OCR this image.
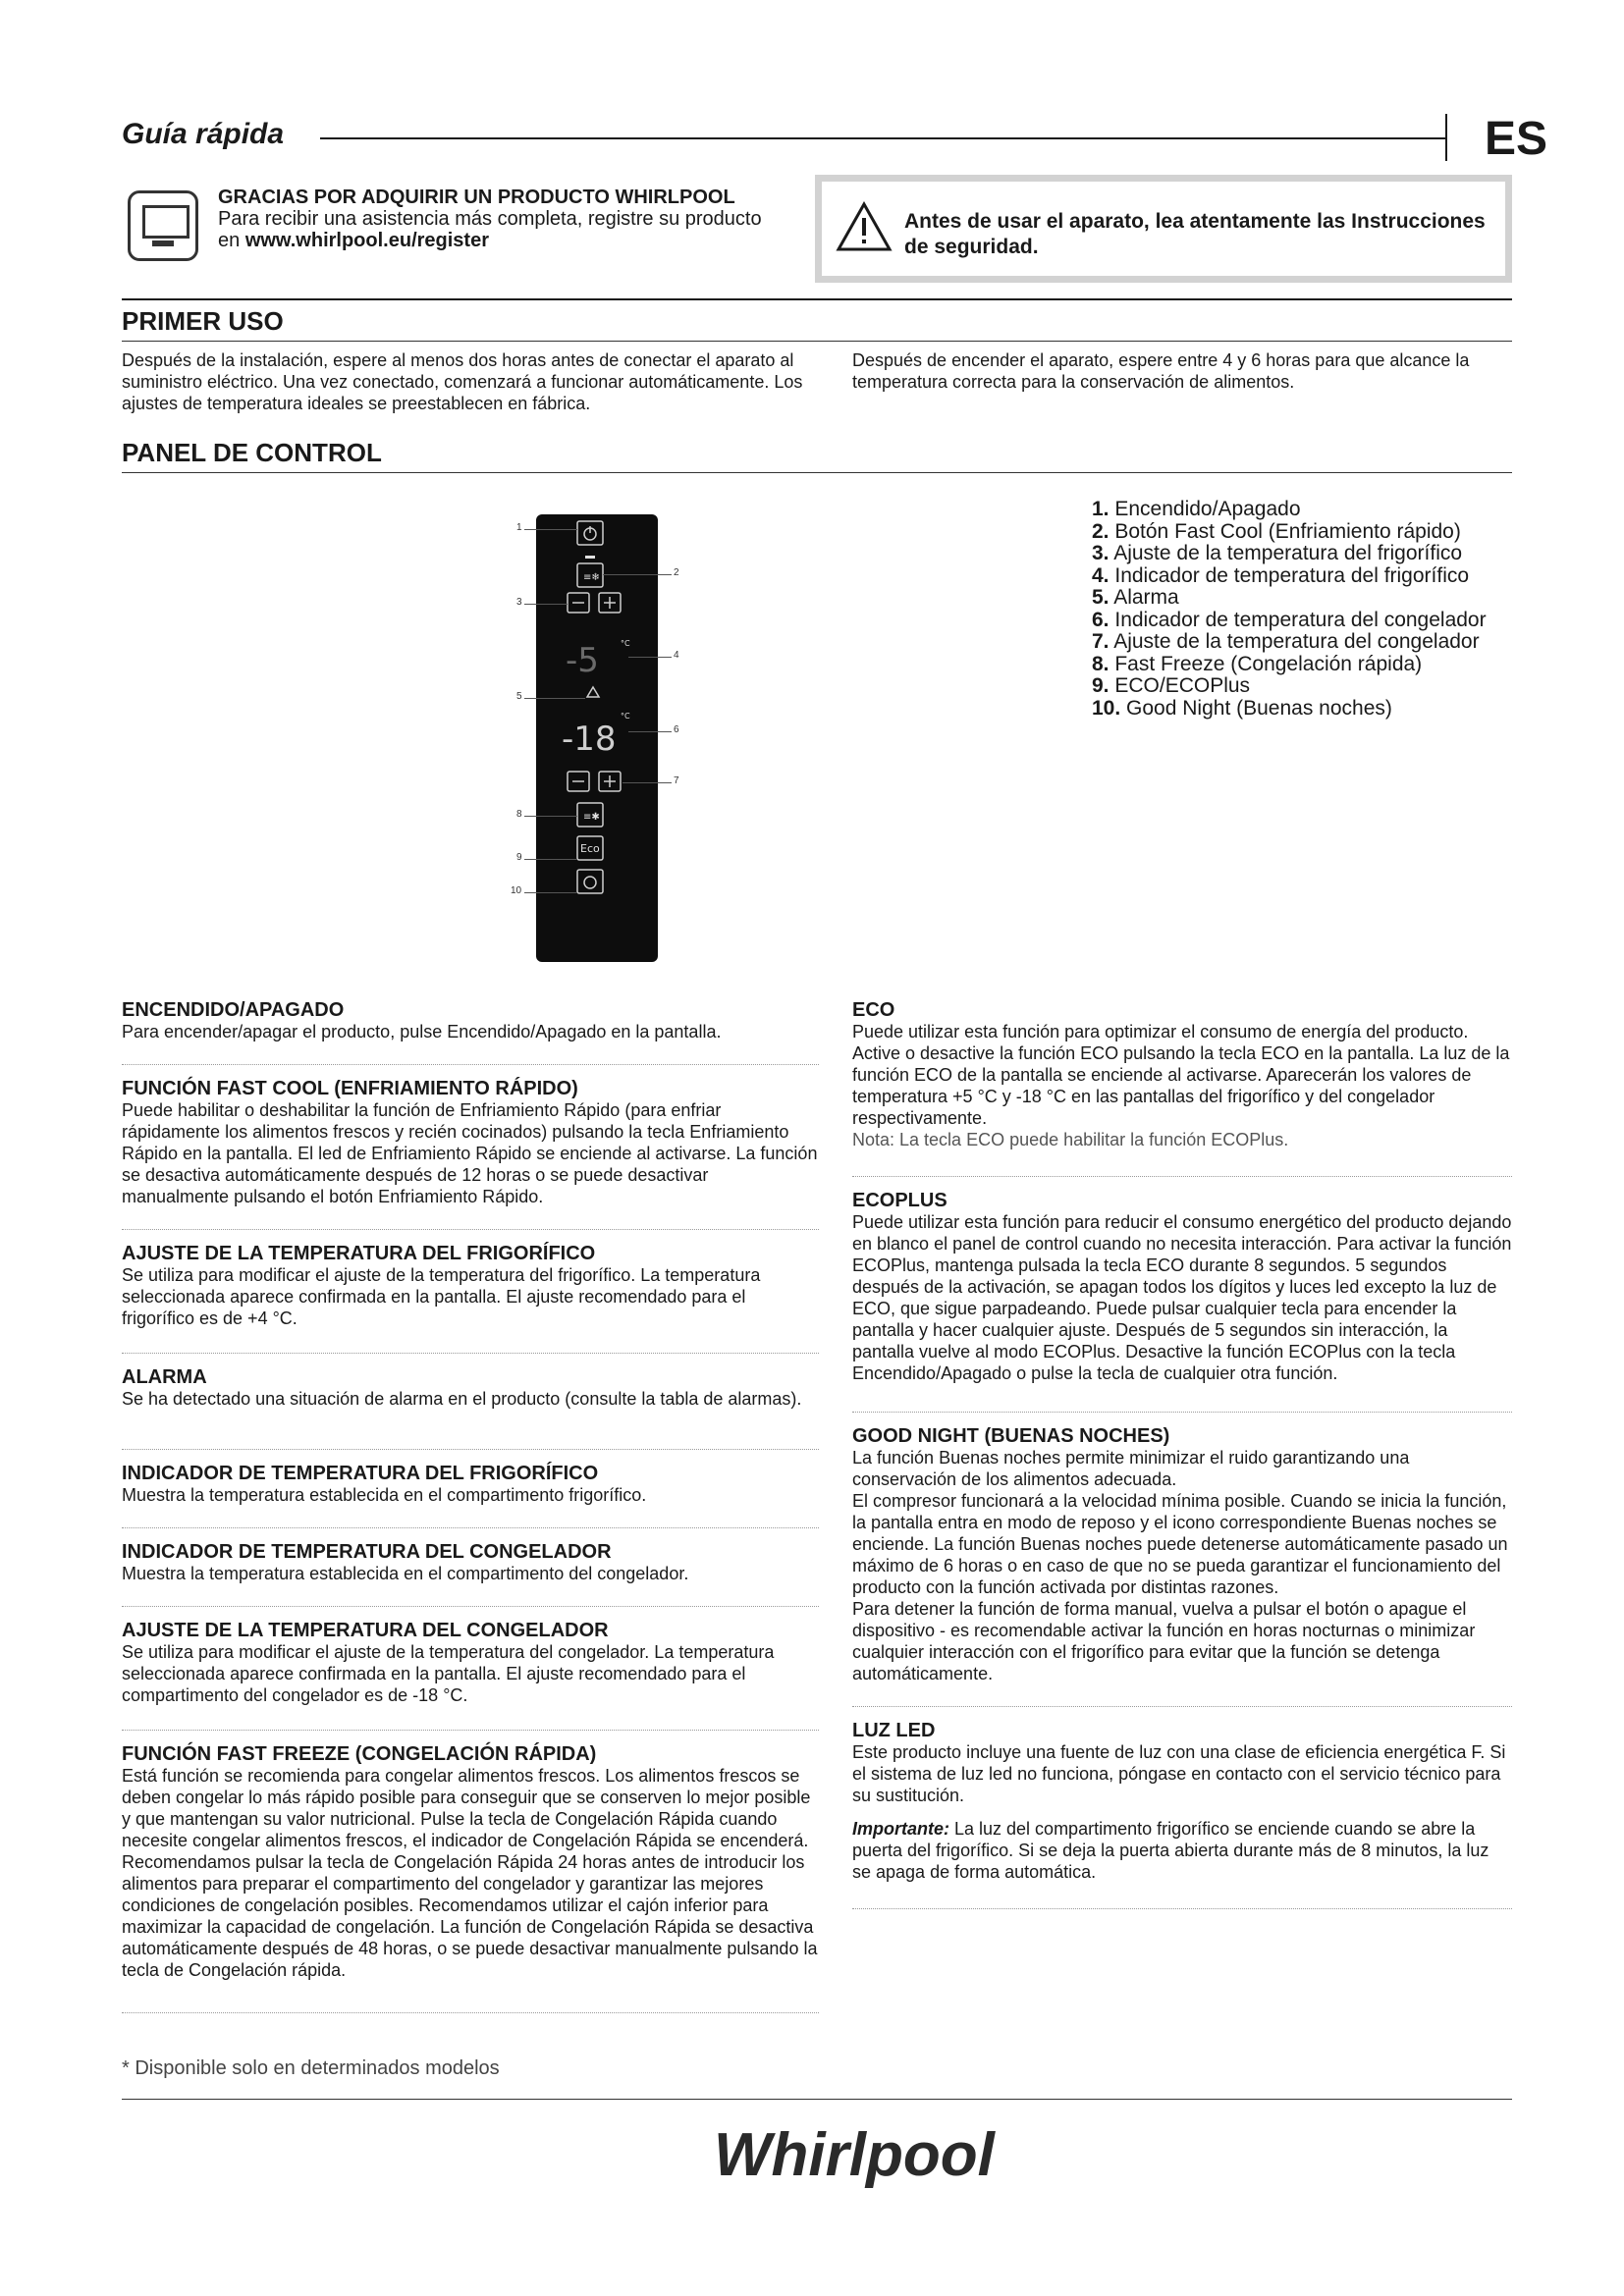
Guía rápida	ES
GRACIAS POR ADQUIRIR UN PRODUCTO WHIRLPOOL
Para recibir una asistencia más completa, registre su producto en www.whirlpool.eu/register
Antes de usar el aparato, lea atentamente las Instrucciones de seguridad.
PRIMER USO
Después de la instalación, espere al menos dos horas antes de conectar el aparato al suministro eléctrico. Una vez conectado, comenzará a funcionar automáticamente. Los ajustes de temperatura ideales se preestablecen en fábrica.
Después de encender el aparato, espere entre 4 y 6 horas para que alcance la temperatura correcta para la conservación de alimentos.
PANEL DE CONTROL
≡❄
-5	°C
-18
°C
≡✱
Eco
1
2
3
4
5
6
7
8
9
10
1. Encendido/Apagado
2. Botón Fast Cool (Enfriamiento rápido)
3. Ajuste de la temperatura del frigorífico
4. Indicador de temperatura del frigorífico
5. Alarma
6. Indicador de temperatura del congelador
7. Ajuste de la temperatura del congelador
8. Fast Freeze (Congelación rápida)
9. ECO/ECOPlus
10. Good Night (Buenas noches)
ENCENDIDO/APAGADO

Para encender/apagar el producto, pulse Encendido/Apagado en la pantalla.

FUNCIÓN FAST COOL (ENFRIAMIENTO RÁPIDO)

Puede habilitar o deshabilitar la función de Enfriamiento Rápido (para enfriar rápidamente los alimentos frescos y recién cocinados) pulsando la tecla Enfriamiento Rápido en la pantalla. El led de Enfriamiento Rápido se enciende al activarse. La función se desactiva automáticamente después de 12 horas o se puede desactivar manualmente pulsando el botón Enfriamiento Rápido.

AJUSTE DE LA TEMPERATURA DEL FRIGORÍFICO

Se utiliza para modificar el ajuste de la temperatura del frigorífico. La temperatura seleccionada aparece confirmada en la pantalla. El ajuste recomendado para el frigorífico es de +4 °C.

ALARMA

Se ha detectado una situación de alarma en el producto (consulte la tabla de alarmas).

INDICADOR DE TEMPERATURA DEL FRIGORÍFICO

Muestra la temperatura establecida en el compartimento frigorífico.

INDICADOR DE TEMPERATURA DEL CONGELADOR

Muestra la temperatura establecida en el compartimento del congelador.

AJUSTE DE LA TEMPERATURA DEL CONGELADOR

Se utiliza para modificar el ajuste de la temperatura del congelador. La temperatura seleccionada aparece confirmada en la pantalla. El ajuste recomendado para el compartimento del congelador es de -18 °C.

FUNCIÓN FAST FREEZE (CONGELACIÓN RÁPIDA)

Está función se recomienda para congelar alimentos frescos. Los alimentos frescos se deben congelar lo más rápido posible para conseguir que se conserven lo mejor posible y que mantengan su valor nutricional. Pulse la tecla de Congelación Rápida cuando necesite congelar alimentos frescos, el indicador de Congelación Rápida se encenderá. Recomendamos pulsar la tecla de Congelación Rápida 24 horas antes de introducir los alimentos para preparar el compartimento del congelador y garantizar las mejores condiciones de congelación posibles. Recomendamos utilizar el cajón inferior para maximizar la capacidad de congelación. La función de Congelación Rápida se desactiva automáticamente después de 48 horas, o se puede desactivar manualmente pulsando la tecla de Congelación rápida.

ECO

Puede utilizar esta función para optimizar el consumo de energía del producto. Active o desactive la función ECO pulsando la tecla ECO en la pantalla. La luz de la función ECO de la pantalla se enciende al activarse. Aparecerán los valores de temperatura +5 °C y -18 °C en las pantallas del frigorífico y del congelador respectivamente.

Nota: La tecla ECO puede habilitar la función ECOPlus.

ECOPLUS

Puede utilizar esta función para reducir el consumo energético del producto dejando en blanco el panel de control cuando no necesita interacción. Para activar la función ECOPlus, mantenga pulsada la tecla ECO durante 8 segundos. 5 segundos después de la activación, se apagan todos los dígitos y luces led excepto la luz de ECO, que sigue parpadeando. Puede pulsar cualquier tecla para encender la pantalla y hacer cualquier ajuste. Después de 5 segundos sin interacción, la pantalla vuelve al modo ECOPlus. Desactive la función ECOPlus con la tecla Encendido/Apagado o pulse la tecla de cualquier otra función.

GOOD NIGHT (BUENAS NOCHES)

La función Buenas noches permite minimizar el ruido garantizando una conservación de los alimentos adecuada.

El compresor funcionará a la velocidad mínima posible. Cuando se inicia la función, la pantalla entra en modo de reposo y el icono correspondiente Buenas noches se enciende. La función Buenas noches puede detenerse automáticamente pasado un máximo de 6 horas o en caso de que no se pueda garantizar el funcionamiento del producto con la función activada por distintas razones.

Para detener la función de forma manual, vuelva a pulsar el botón o apague el dispositivo - es recomendable activar la función en horas nocturnas o minimizar cualquier interacción con el frigorífico para evitar que la función se detenga automáticamente.

LUZ LED

Este producto incluye una fuente de luz con una clase de eficiencia energética F. Si el sistema de luz led no funciona, póngase en contacto con el servicio técnico para su sustitución.

Importante: La luz del compartimento frigorífico se enciende cuando se abre la puerta del frigorífico. Si se deja la puerta abierta durante más de 8 minutos, la luz se apaga de forma automática.

* Disponible solo en determinados modelos
Whirlpool
